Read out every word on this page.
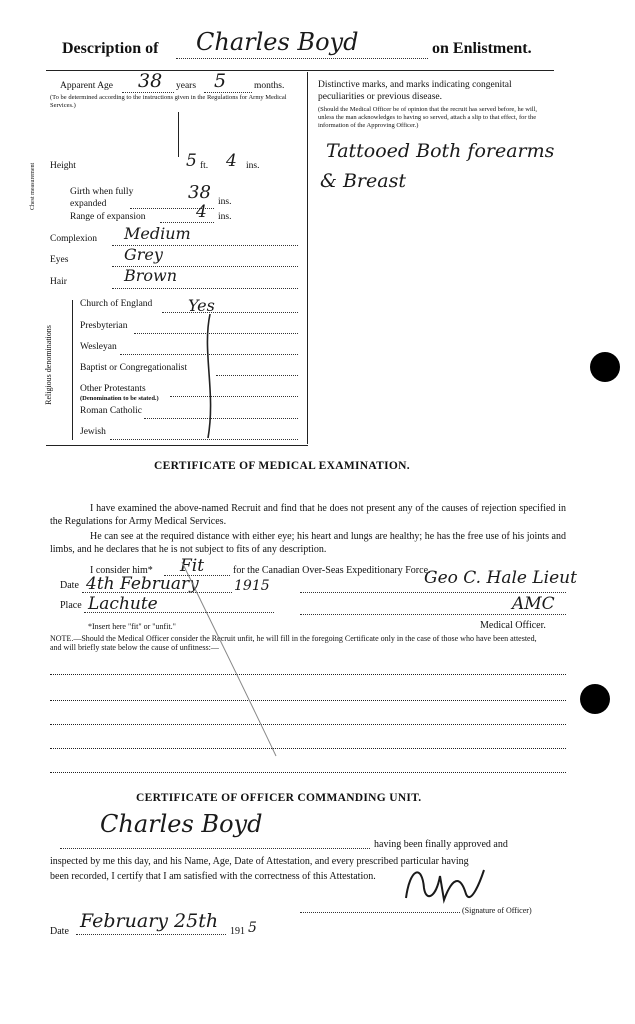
Description of Charles Boyd	on Enlistment.
Apparent Age 38 years 5	months.
(To be determined according to the instructions given in the Regulations for Army Medical Services.)
Height	5 ft. 4 ins.
Chest measurement	Girth when fully expanded
38 ins.
Range of expansion	4 ins.
Complexion Medium
Eyes	Grey
Hair	Brown
Religious denominations
Church of England Yes
Presbyterian
Wesleyan
Baptist or Congregationalist
Other Protestants
(Denomination to be stated.)
Roman Catholic
Jewish
Distinctive marks, and marks indicating congenital peculiarities or previous disease.
(Should the Medical Officer be of opinion that the recruit has served before, he will, unless the man acknowledges to having so served, attach a slip to that effect, for the information of the Approving Officer.)
Tattooed Both forearms
& Breast
CERTIFICATE OF MEDICAL EXAMINATION.
I have examined the above-named Recruit and find that he does not present any of the causes of rejection specified in the Regulations for Army Medical Services.
He can see at the required distance with either eye; his heart and lungs are healthy; he has the free use of his joints and limbs, and he declares that he is not subject to fits of any description.
I consider him* Fit	for the Canadian Over-Seas Expeditionary Force.
Date 4th February	1915
Place Lachute
Geo C. Hale Lieut
AMC
Medical Officer.
*Insert here "fit" or "unfit."
NOTE.—Should the Medical Officer consider the Recruit unfit, he will fill in the foregoing Certificate only in the case of those who have been attested, and will briefly state below the cause of unfitness:—
CERTIFICATE OF OFFICER COMMANDING UNIT.
Charles Boyd
having been finally approved and
inspected by me this day, and his Name, Age, Date of Attestation, and every prescribed particular having
been recorded, I certify that I am satisfied with the correctness of this Attestation.
(Signature of Officer)
Date February 25th 191 5
